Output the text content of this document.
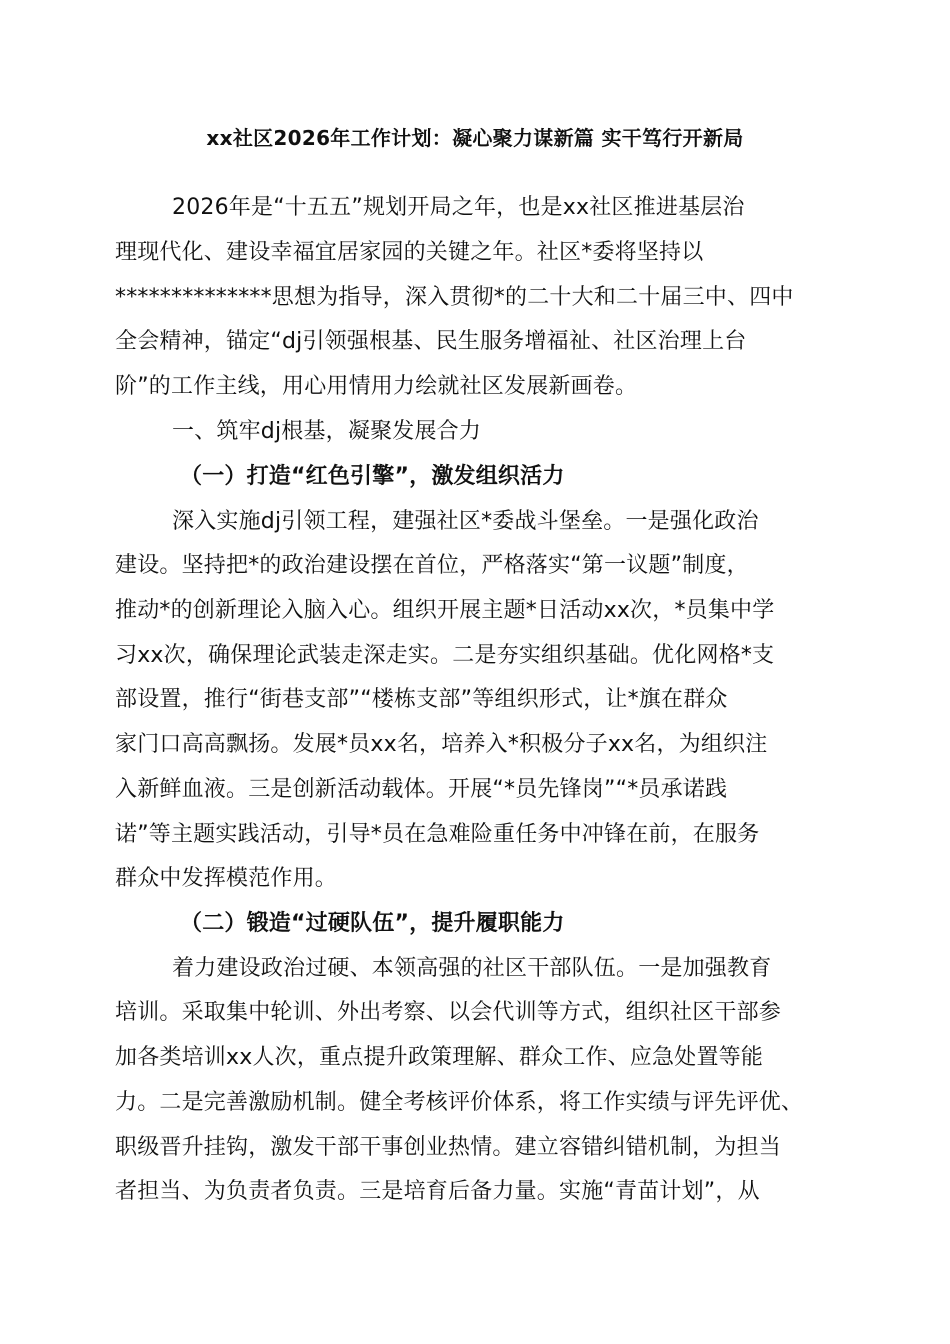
xx社区2026年工作计划：凝心聚力谋新篇 实干笃行开新局
2026年是“十五五”规划开局之年，也是xx社区推进基层治
理现代化、建设幸福宜居家园的关键之年。社区*委将坚持以
**************思想为指导，深入贯彻*的二十大和二十届三中、四中
全会精神，锚定“dj引领强根基、民生服务增福祉、社区治理上台
阶”的工作主线，用心用情用力绘就社区发展新画卷。
一、筑牢dj根基，凝聚发展合力
（一）打造“红色引擎”，激发组织活力
深入实施dj引领工程，建强社区*委战斗堡垒。一是强化政治
建设。坚持把*的政治建设摆在首位，严格落实“第一议题”制度，
推动*的创新理论入脑入心。组织开展主题*日活动xx次，*员集中学
习xx次，确保理论武装走深走实。二是夯实组织基础。优化网格*支
部设置，推行“街巷支部”“楼栋支部”等组织形式，让*旗在群众
家门口高高飘扬。发展*员xx名，培养入*积极分子xx名，为组织注
入新鲜血液。三是创新活动载体。开展“*员先锋岗”“*员承诺践
诺”等主题实践活动，引导*员在急难险重任务中冲锋在前，在服务
群众中发挥模范作用。
（二）锻造“过硬队伍”，提升履职能力
着力建设政治过硬、本领高强的社区干部队伍。一是加强教育
培训。采取集中轮训、外出考察、以会代训等方式，组织社区干部参
加各类培训xx人次，重点提升政策理解、群众工作、应急处置等能
力。二是完善激励机制。健全考核评价体系，将工作实绩与评先评优、
职级晋升挂钩，激发干部干事创业热情。建立容错纠错机制，为担当
者担当、为负责者负责。三是培育后备力量。实施“青苗计划”，从
